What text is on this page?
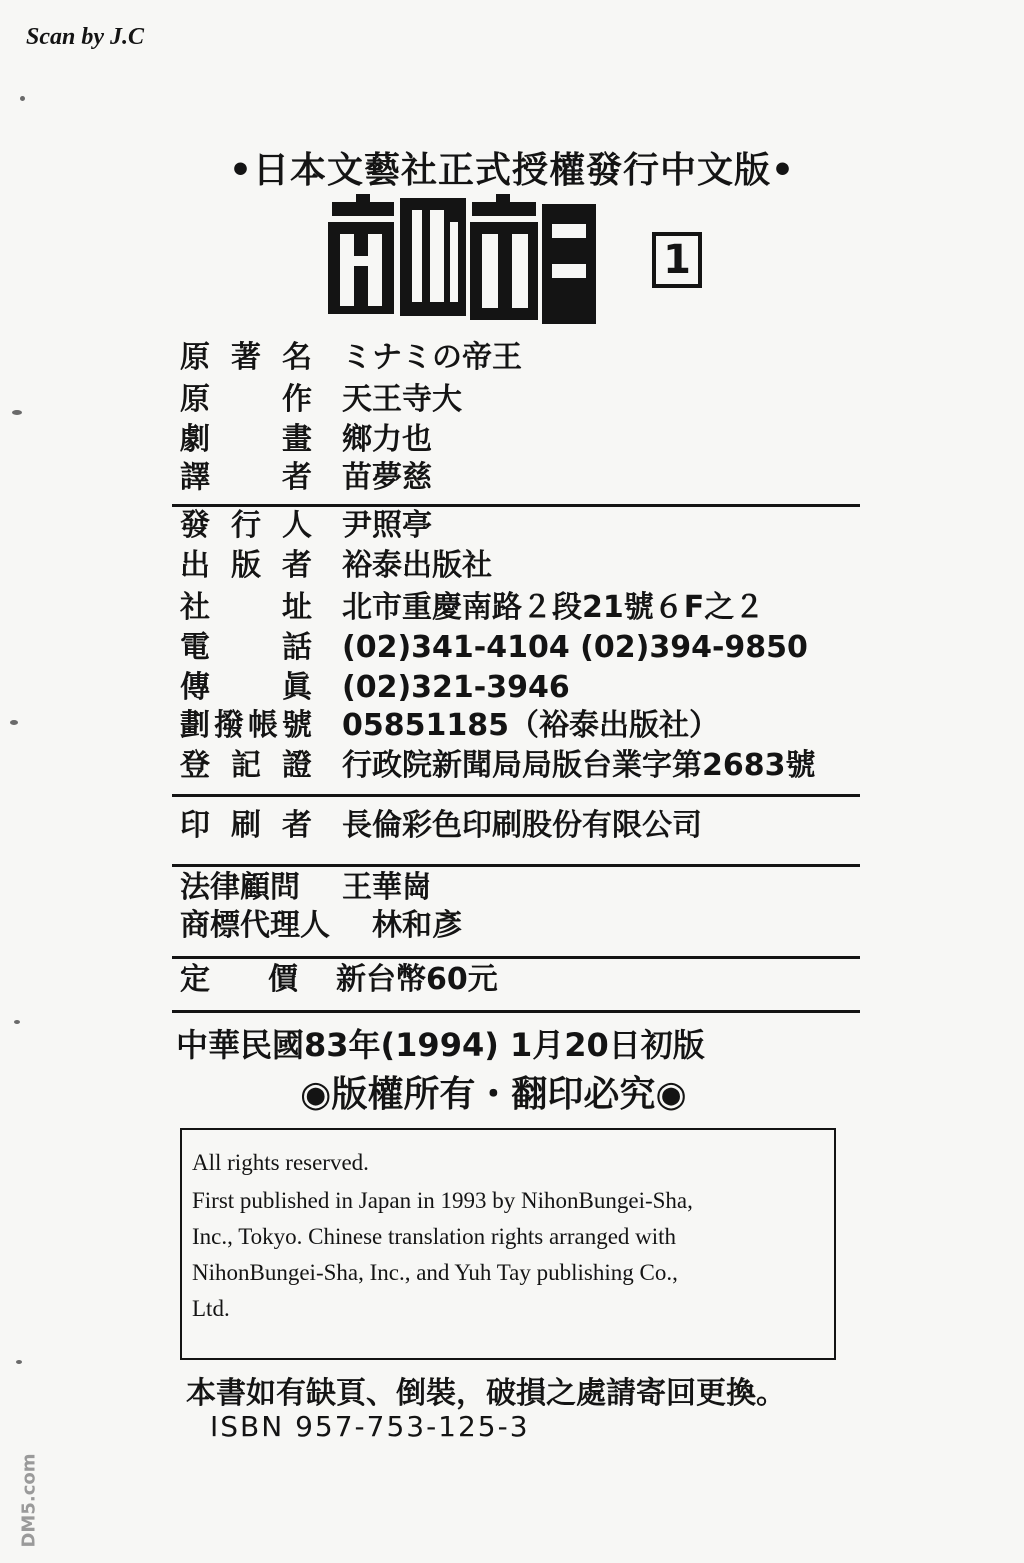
Scan by J.C
•日本文藝社正式授權發行中文版•
1
原著名 ミナミの帝王
原作 天王寺大
劇畫 鄉力也
譯者 苗夢慈
發行人 尹照亭
出版者 裕泰出版社
社址 北市重慶南路２段21號６F之２
電話 (02)341-4104 (02)394-9850
傳眞 (02)321-3946
劃撥帳號 05851185（裕泰出版社）
登記證 行政院新聞局局版台業字第2683號
印刷者 長倫彩色印刷股份有限公司
法律顧問 王華崗
商標代理人 林和彥
定價 新台幣60元
中華民國83年(1994) 1月20日初版
◉版權所有・翻印必究◉
All rights reserved.
First published in Japan in 1993 by NihonBungei-Sha,
Inc., Tokyo. Chinese translation rights arranged with
NihonBungei-Sha, Inc., and Yuh Tay publishing Co.,
Ltd.
本書如有缺頁、倒裝，破損之處請寄回更換。
ISBN 957-753-125-3
DM5.com
